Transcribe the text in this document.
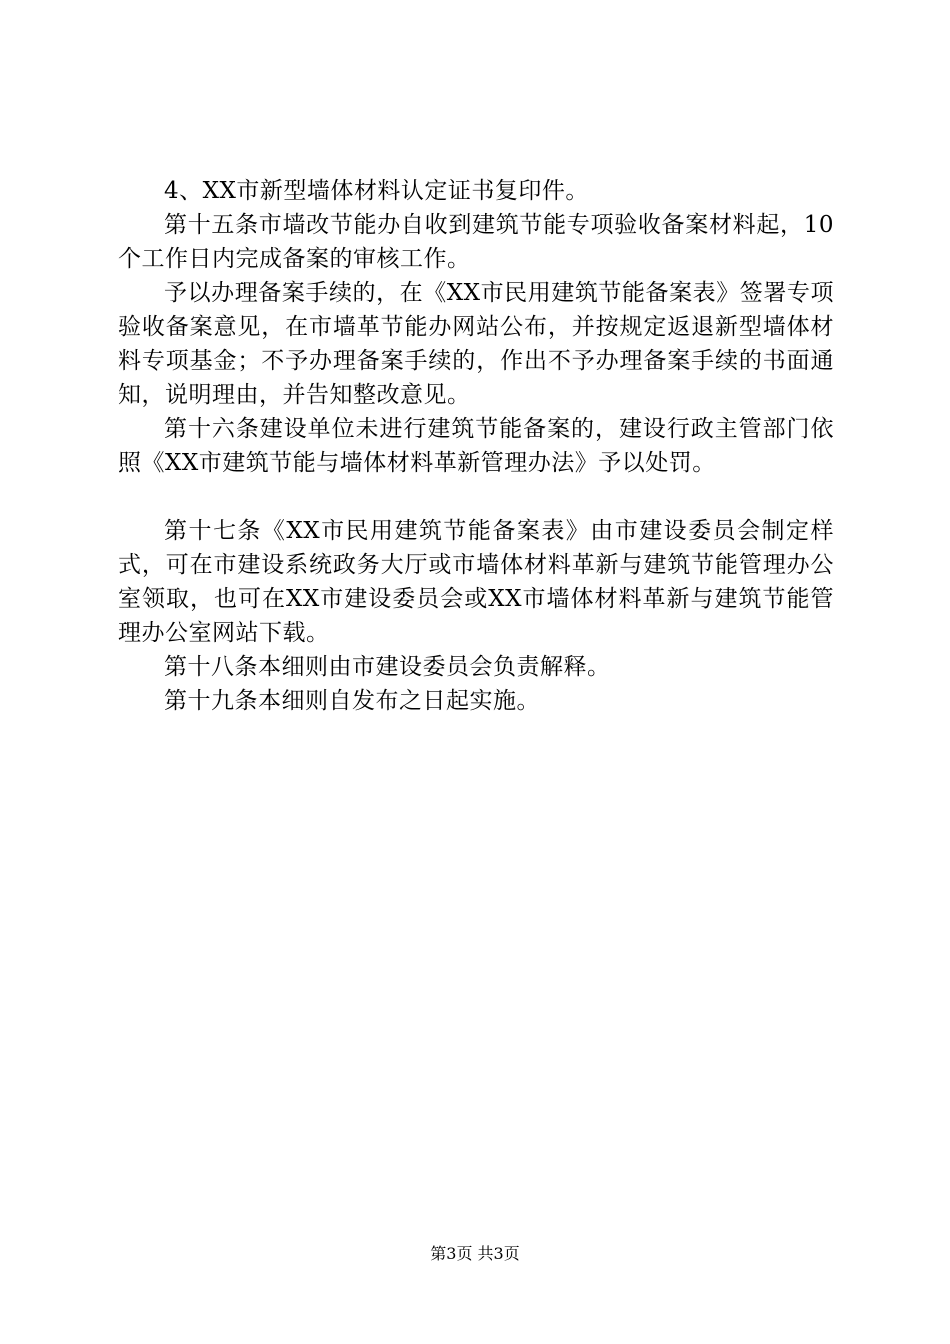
4、XX市新型墙体材料认定证书复印件。

第十五条市墙改节能办自收到建筑节能专项验收备案材料起，10个工作日内完成备案的审核工作。

予以办理备案手续的，在《XX市民用建筑节能备案表》签署专项验收备案意见，在市墙革节能办网站公布，并按规定返退新型墙体材料专项基金；不予办理备案手续的，作出不予办理备案手续的书面通知，说明理由，并告知整改意见。

第十六条建设单位未进行建筑节能备案的，建设行政主管部门依照《XX市建筑节能与墙体材料革新管理办法》予以处罚。

第十七条《XX市民用建筑节能备案表》由市建设委员会制定样式，可在市建设系统政务大厅或市墙体材料革新与建筑节能管理办公室领取，也可在XX市建设委员会或XX市墙体材料革新与建筑节能管理办公室网站下载。

第十八条本细则由市建设委员会负责解释。

第十九条本细则自发布之日起实施。

第3页 共3页
